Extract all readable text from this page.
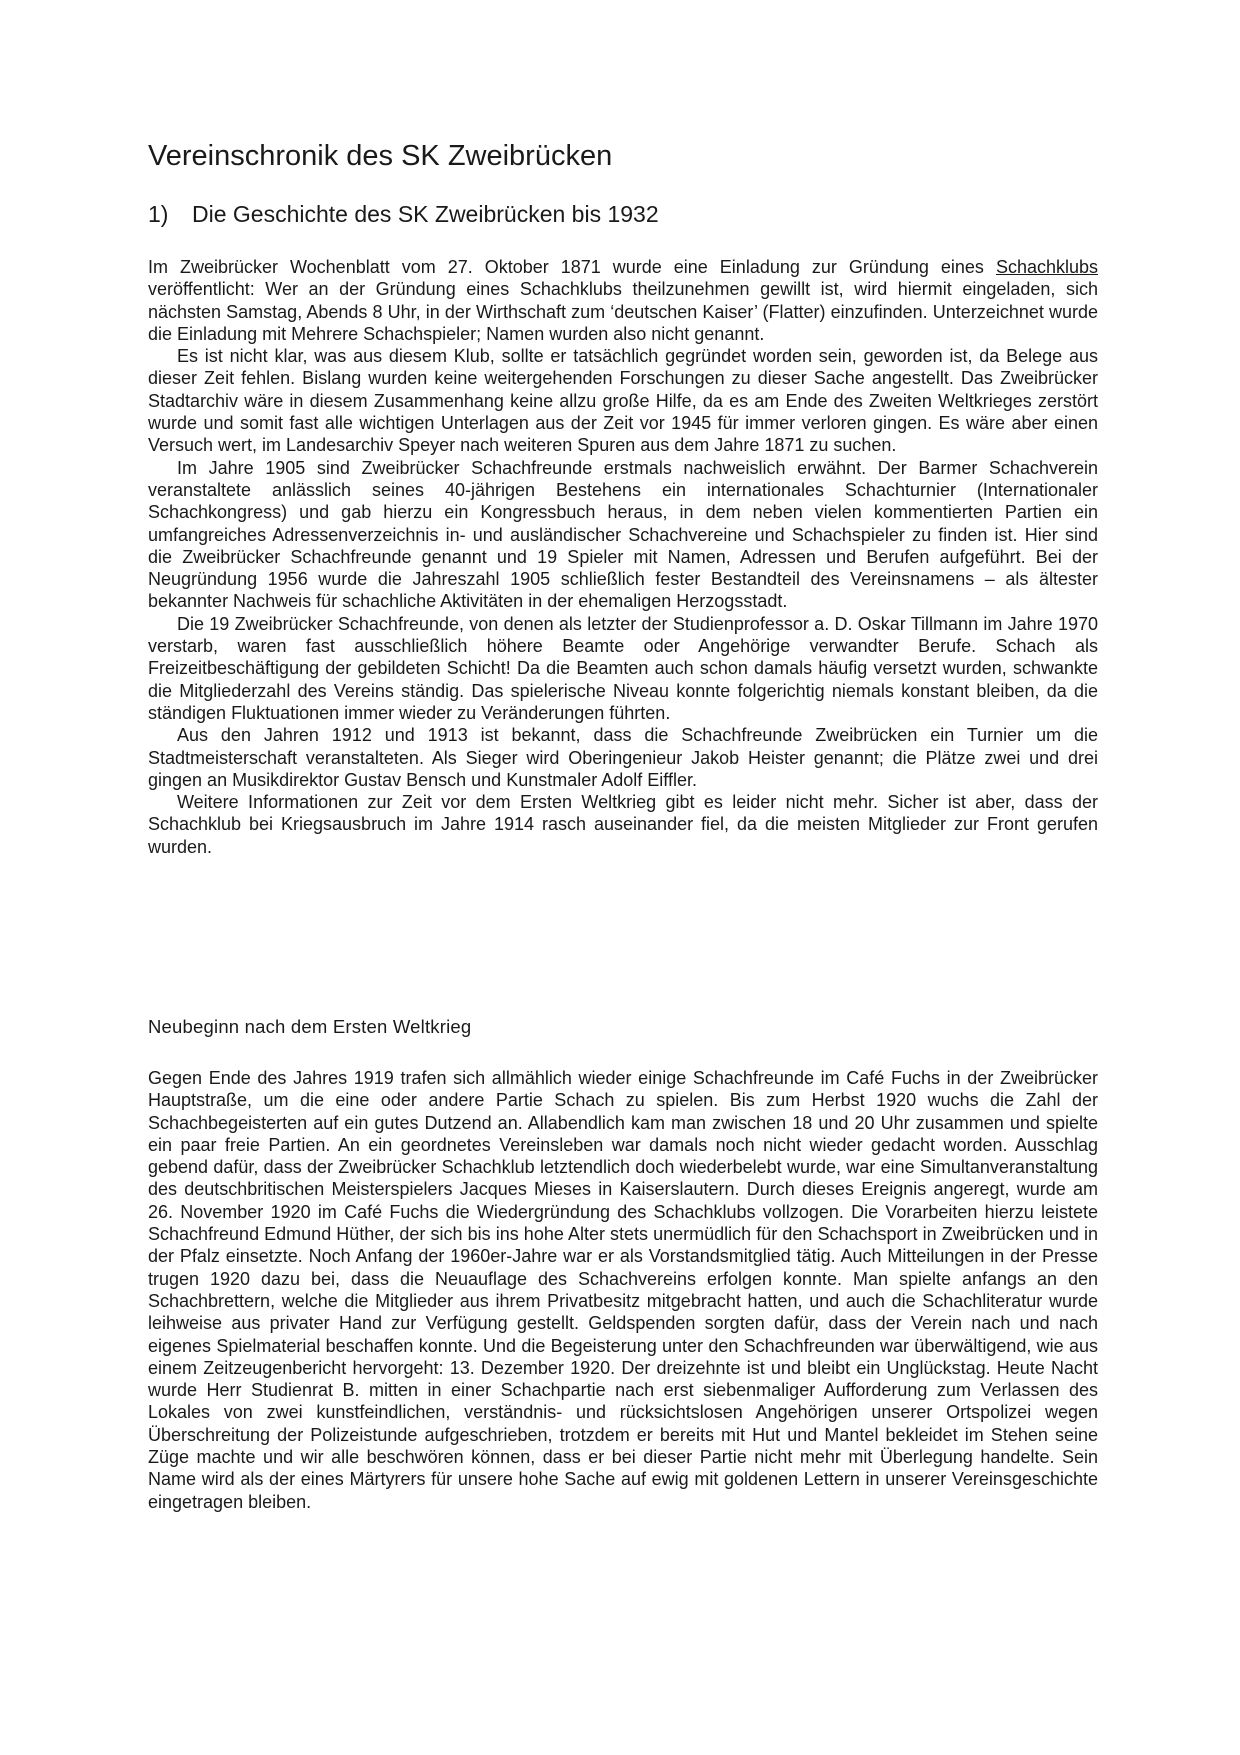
Vereinschronik des SK Zweibrücken
1) Die Geschichte des SK Zweibrücken bis 1932

Im Zweibrücker Wochenblatt vom 27. Oktober 1871 wurde eine Einladung zur Gründung eines Schachklubs veröffentlicht: Wer an der Gründung eines Schachklubs theilzunehmen gewillt ist, wird hiermit eingeladen, sich nächsten Samstag, Abends 8 Uhr, in der Wirthschaft zum ‘deutschen Kaiser’ (Flatter) einzufinden. Unterzeichnet wurde die Einladung mit Mehrere Schachspieler; Namen wurden also nicht genannt.

Es ist nicht klar, was aus diesem Klub, sollte er tatsächlich gegründet worden sein, geworden ist, da Belege aus dieser Zeit fehlen. Bislang wurden keine weitergehenden Forschungen zu dieser Sache angestellt. Das Zweibrücker Stadtarchiv wäre in diesem Zusammenhang keine allzu große Hilfe, da es am Ende des Zweiten Weltkrieges zerstört wurde und somit fast alle wichtigen Unterlagen aus der Zeit vor 1945 für immer verloren gingen. Es wäre aber einen Versuch wert, im Landesarchiv Speyer nach weiteren Spuren aus dem Jahre 1871 zu suchen.

Im Jahre 1905 sind Zweibrücker Schachfreunde erstmals nachweislich erwähnt. Der Barmer Schachverein veranstaltete anlässlich seines 40-jährigen Bestehens ein internationales Schachturnier (Internationaler Schachkongress) und gab hierzu ein Kongressbuch heraus, in dem neben vielen kommentierten Partien ein umfangreiches Adressenverzeichnis in- und ausländischer Schachvereine und Schachspieler zu finden ist. Hier sind die Zweibrücker Schachfreunde genannt und 19 Spieler mit Namen, Adressen und Berufen aufgeführt. Bei der Neugründung 1956 wurde die Jahreszahl 1905 schließlich fester Bestandteil des Vereinsnamens – als ältester bekannter Nachweis für schachliche Aktivitäten in der ehemaligen Herzogsstadt.

Die 19 Zweibrücker Schachfreunde, von denen als letzter der Studienprofessor a. D. Oskar Tillmann im Jahre 1970 verstarb, waren fast ausschließlich höhere Beamte oder Angehörige verwandter Berufe. Schach als Freizeitbeschäftigung der gebildeten Schicht! Da die Beamten auch schon damals häufig versetzt wurden, schwankte die Mitgliederzahl des Vereins ständig. Das spielerische Niveau konnte folgerichtig niemals konstant bleiben, da die ständigen Fluktuationen immer wieder zu Veränderungen führten.

Aus den Jahren 1912 und 1913 ist bekannt, dass die Schachfreunde Zweibrücken ein Turnier um die Stadtmeisterschaft veranstalteten. Als Sieger wird Oberingenieur Jakob Heister genannt; die Plätze zwei und drei gingen an Musikdirektor Gustav Bensch und Kunstmaler Adolf Eiffler.

Weitere Informationen zur Zeit vor dem Ersten Weltkrieg gibt es leider nicht mehr. Sicher ist aber, dass der Schachklub bei Kriegsausbruch im Jahre 1914 rasch auseinander fiel, da die meisten Mitglieder zur Front gerufen wurden.

Neubeginn nach dem Ersten Weltkrieg

Gegen Ende des Jahres 1919 trafen sich allmählich wieder einige Schachfreunde im Café Fuchs in der Zweibrücker Hauptstraße, um die eine oder andere Partie Schach zu spielen. Bis zum Herbst 1920 wuchs die Zahl der Schachbegeisterten auf ein gutes Dutzend an. Allabendlich kam man zwischen 18 und 20 Uhr zusammen und spielte ein paar freie Partien. An ein geordnetes Vereinsleben war damals noch nicht wieder gedacht worden. Ausschlag gebend dafür, dass der Zweibrücker Schachklub letztendlich doch wiederbelebt wurde, war eine Simultanveranstaltung des deutschbritischen Meisterspielers Jacques Mieses in Kaiserslautern. Durch dieses Ereignis angeregt, wurde am 26. November 1920 im Café Fuchs die Wiedergründung des Schachklubs vollzogen. Die Vorarbeiten hierzu leistete Schachfreund Edmund Hüther, der sich bis ins hohe Alter stets unermüdlich für den Schachsport in Zweibrücken und in der Pfalz einsetzte. Noch Anfang der 1960er-Jahre war er als Vorstandsmitglied tätig. Auch Mitteilungen in der Presse trugen 1920 dazu bei, dass die Neuauflage des Schachvereins erfolgen konnte. Man spielte anfangs an den Schachbrettern, welche die Mitglieder aus ihrem Privatbesitz mitgebracht hatten, und auch die Schachliteratur wurde leihweise aus privater Hand zur Verfügung gestellt. Geldspenden sorgten dafür, dass der Verein nach und nach eigenes Spielmaterial beschaffen konnte. Und die Begeisterung unter den Schachfreunden war überwältigend, wie aus einem Zeitzeugenbericht hervorgeht: 13. Dezember 1920. Der dreizehnte ist und bleibt ein Unglückstag. Heute Nacht wurde Herr Studienrat B. mitten in einer Schachpartie nach erst siebenmaliger Aufforderung zum Verlassen des Lokales von zwei kunstfeindlichen, verständnis- und rücksichtslosen Angehörigen unserer Ortspolizei wegen Überschreitung der Polizeistunde aufgeschrieben, trotzdem er bereits mit Hut und Mantel bekleidet im Stehen seine Züge machte und wir alle beschwören können, dass er bei dieser Partie nicht mehr mit Überlegung handelte. Sein Name wird als der eines Märtyrers für unsere hohe Sache auf ewig mit goldenen Lettern in unserer Vereinsgeschichte eingetragen bleiben.
